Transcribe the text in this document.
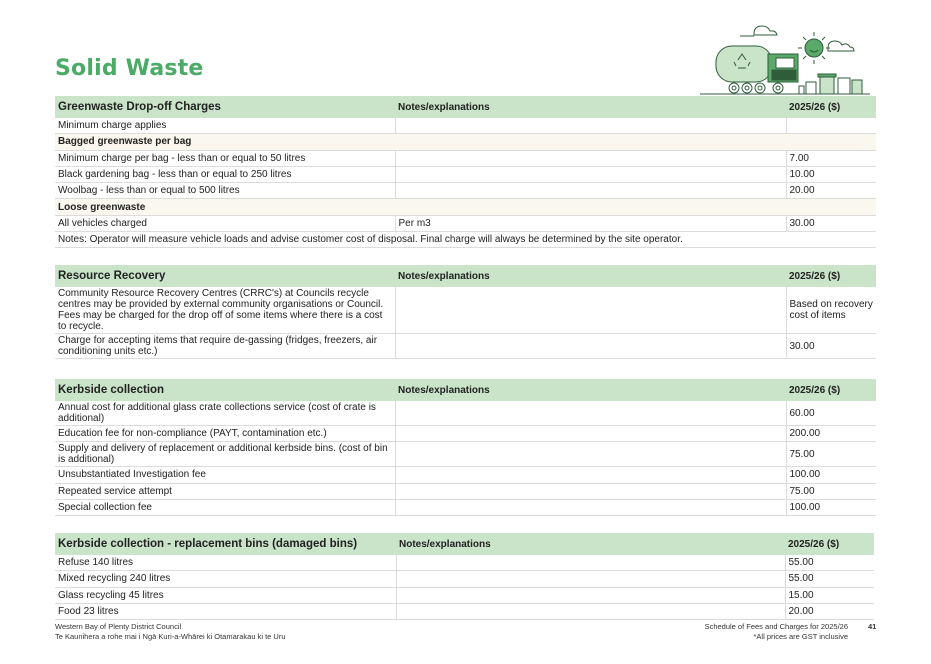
Solid Waste
Greenwaste Drop-off Charges	Notes/explanations	2025/26 ($)
Minimum charge applies		
Bagged greenwaste per bag		
Minimum charge per bag - less than or equal to 50 litres		7.00
Black gardening bag - less than or equal to 250 litres		10.00
Woolbag - less than or equal to 500 litres		20.00
Loose greenwaste		
All vehicles charged	Per m3	30.00
Notes: Operator will measure vehicle loads and advise customer cost of disposal. Final charge will always be determined by the site operator.		
Resource Recovery	Notes/explanations	2025/26 ($)
Community Resource Recovery Centres (CRRC's) at Councils recycle centres may be provided by external community organisations or Council. Fees may be charged for the drop off of some items where there is a cost to recycle.		Based on recovery cost of items
Charge for accepting items that require de-gassing (fridges, freezers, air conditioning units etc.)		30.00
Kerbside collection	Notes/explanations	2025/26 ($)
Annual cost for additional glass crate collections service (cost of crate is additional)		60.00
Education fee for non-compliance (PAYT, contamination etc.)		200.00
Supply and delivery of replacement or additional kerbside bins. (cost of bin is additional)		75.00
Unsubstantiated Investigation fee		100.00
Repeated service attempt		75.00
Special collection fee		100.00
Kerbside collection - replacement bins (damaged bins)	Notes/explanations	2025/26 ($)
Refuse 140 litres		55.00
Mixed recycling 240 litres		55.00
Glass recycling 45 litres		15.00
Food 23 litres		20.00
Western Bay of Plenty District Council
Te Kaunihera a rohe mai i Ngā Kuri-a-Whārei ki Otamarakau ki te Uru
Schedule of Fees and Charges for 2025/26
*All prices are GST inclusive
41
